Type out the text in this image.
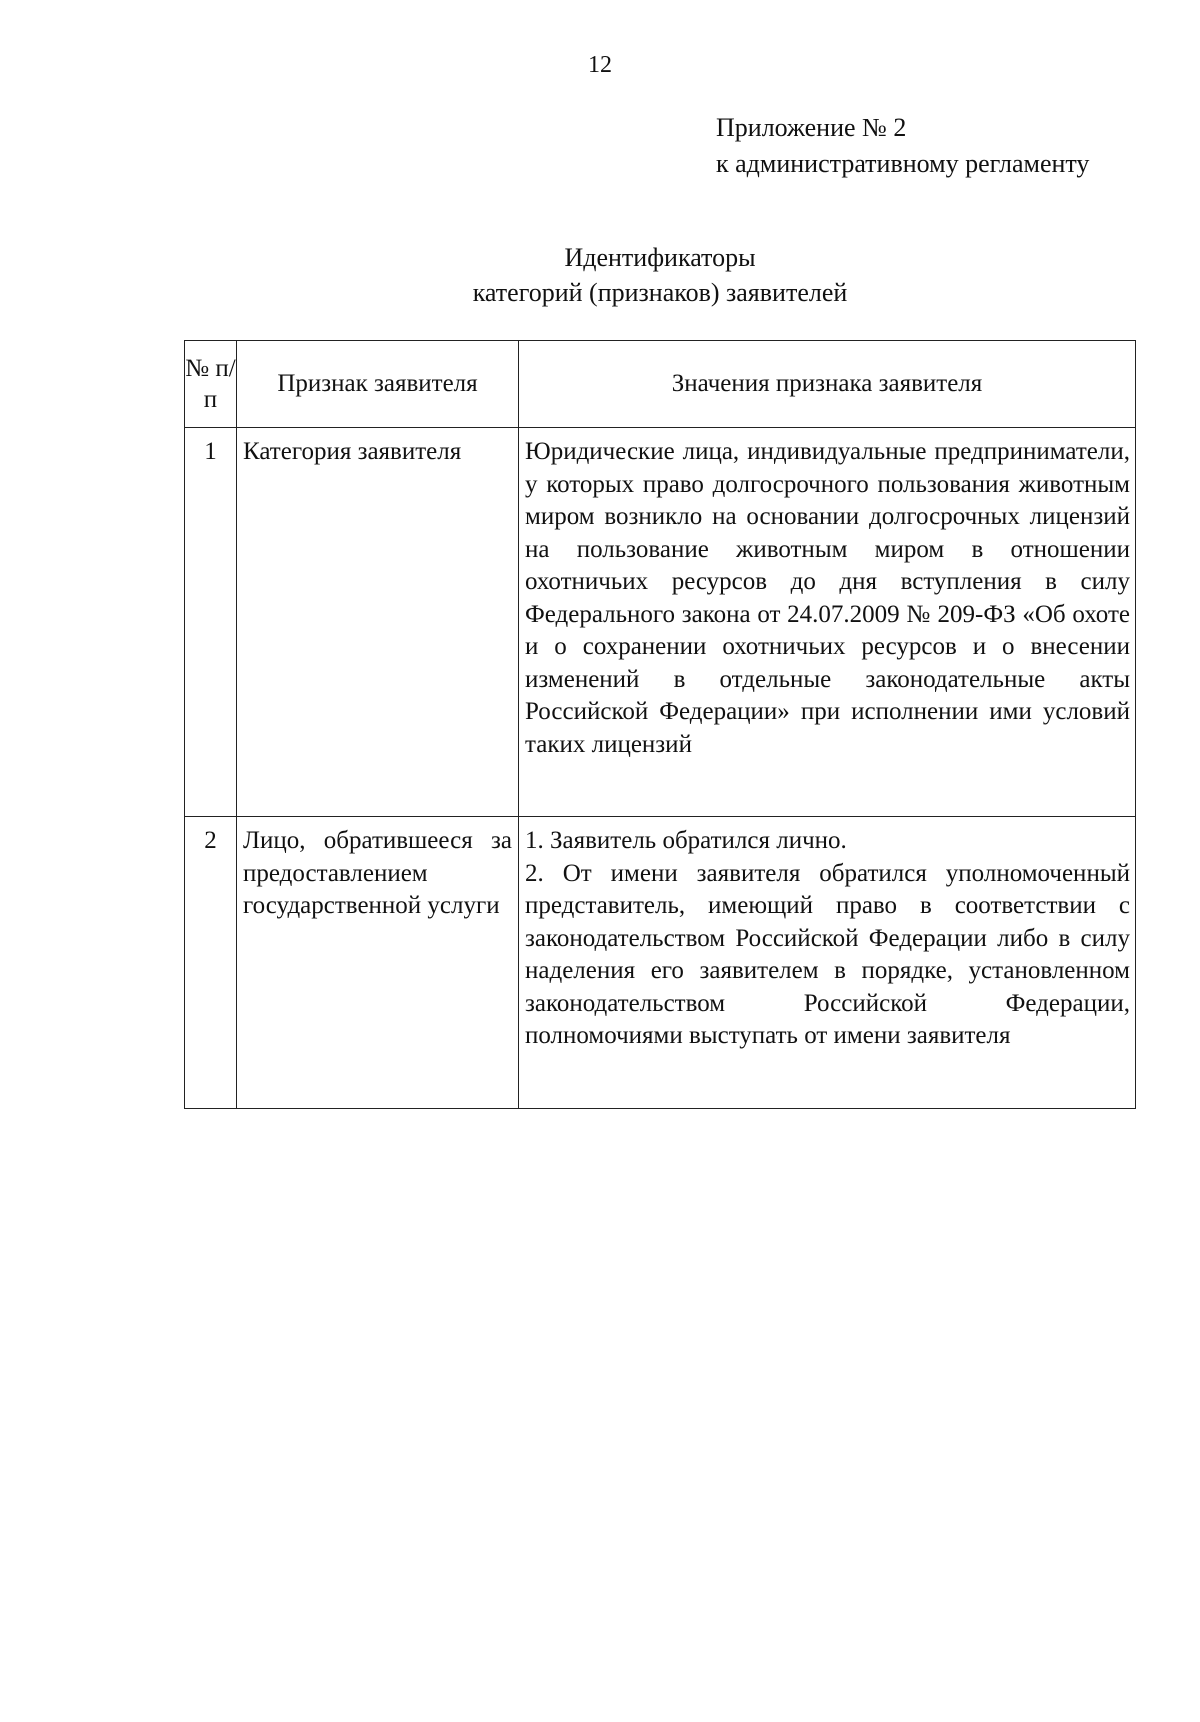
12
Приложение № 2
к административному регламенту
Идентификаторы
категорий (признаков) заявителей
№ п/п	Признак заявителя	Значения признака заявителя
1	Категория заявителя	Юридические лица, индивидуальные предприниматели, у которых право долгосрочного пользования животным миром возникло на основании долгосрочных лицензий на пользование животным миром в отношении охотничьих ресурсов до дня вступления в силу Федерального закона от 24.07.2009 № 209-ФЗ «Об охоте и о сохранении охотничьих ресурсов и о внесении изменений в отдельные законодательные акты Российской Федерации» при исполнении ими условий таких лицензий

2	Лицо, обратившееся за предоставлением государственной услуги	1. Заявитель обратился лично.
2. От имени заявителя обратился уполномоченный представитель, имеющий право в соответствии с законодательством Российской Федерации либо в силу наделения его заявителем в порядке, установленном законодательством Российской Федерации, полномочиями выступать от имени заявителя
